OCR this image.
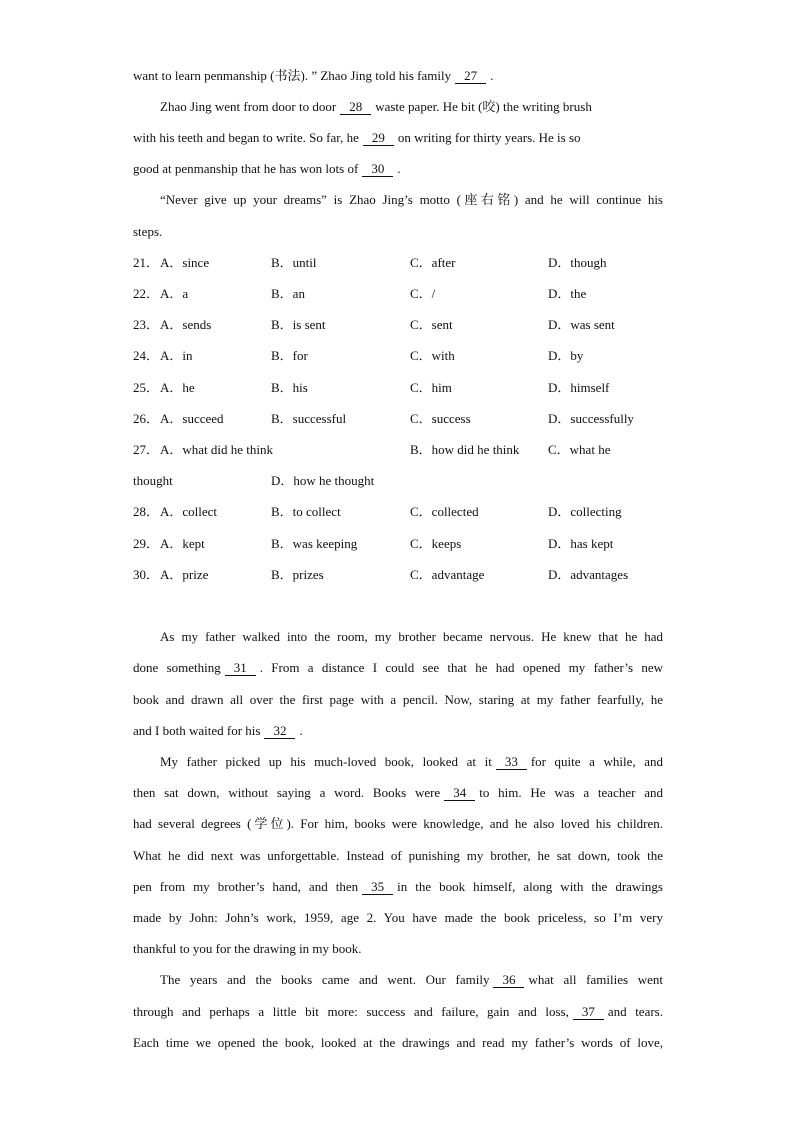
want to learn penmanship (书法). ” Zhao Jing told his family 27 .
Zhao Jing went from door to door 28 waste paper. He bit (咬) the writing brush
with his teeth and began to write. So far, he 29 on writing for thirty years. He is so
good at penmanship that he has won lots of 30 .
“Never give up your dreams” is Zhao Jing’s motto (座右铭) and he will continue his
steps.
21． A．since	B．until	C．after	D．though
22． A．a	B．an	C．/	D．the
23． A．sends	B．is sent	C．sent	D．was sent
24． A．in	B．for	C．with	D．by
25． A．he	B．his	C．him	D．himself
26． A．succeed	B．successful	C．success	D．successfully
27． A．what did he think	B．how did he think C．what he
thought	D．how he thought
28． A．collect	B．to collect	C．collected	D．collecting
29． A．kept	B．was keeping	C．keeps	D．has kept
30． A．prize	B．prizes	C．advantage	D．advantages
As my father walked into the room, my brother became nervous. He knew that he had
done something 31 . From a distance I could see that he had opened my father’s new
book and drawn all over the first page with a pencil. Now, staring at my father fearfully, he
and I both waited for his 32 .
My father picked up his much-loved book, looked at it 33 for quite a while, and
then sat down, without saying a word. Books were 34 to him. He was a teacher and
had several degrees (学位). For him, books were knowledge, and he also loved his children.
What he did next was unforgettable. Instead of punishing my brother, he sat down, took the
pen from my brother’s hand, and then 35 in the book himself, along with the drawings
made by John: John’s work, 1959, age 2. You have made the book priceless, so I’m very
thankful to you for the drawing in my book.
The years and the books came and went. Our family 36 what all families went
through and perhaps a little bit more: success and failure, gain and loss, 37 and tears.
Each time we opened the book, looked at the drawings and read my father’s words of love,
